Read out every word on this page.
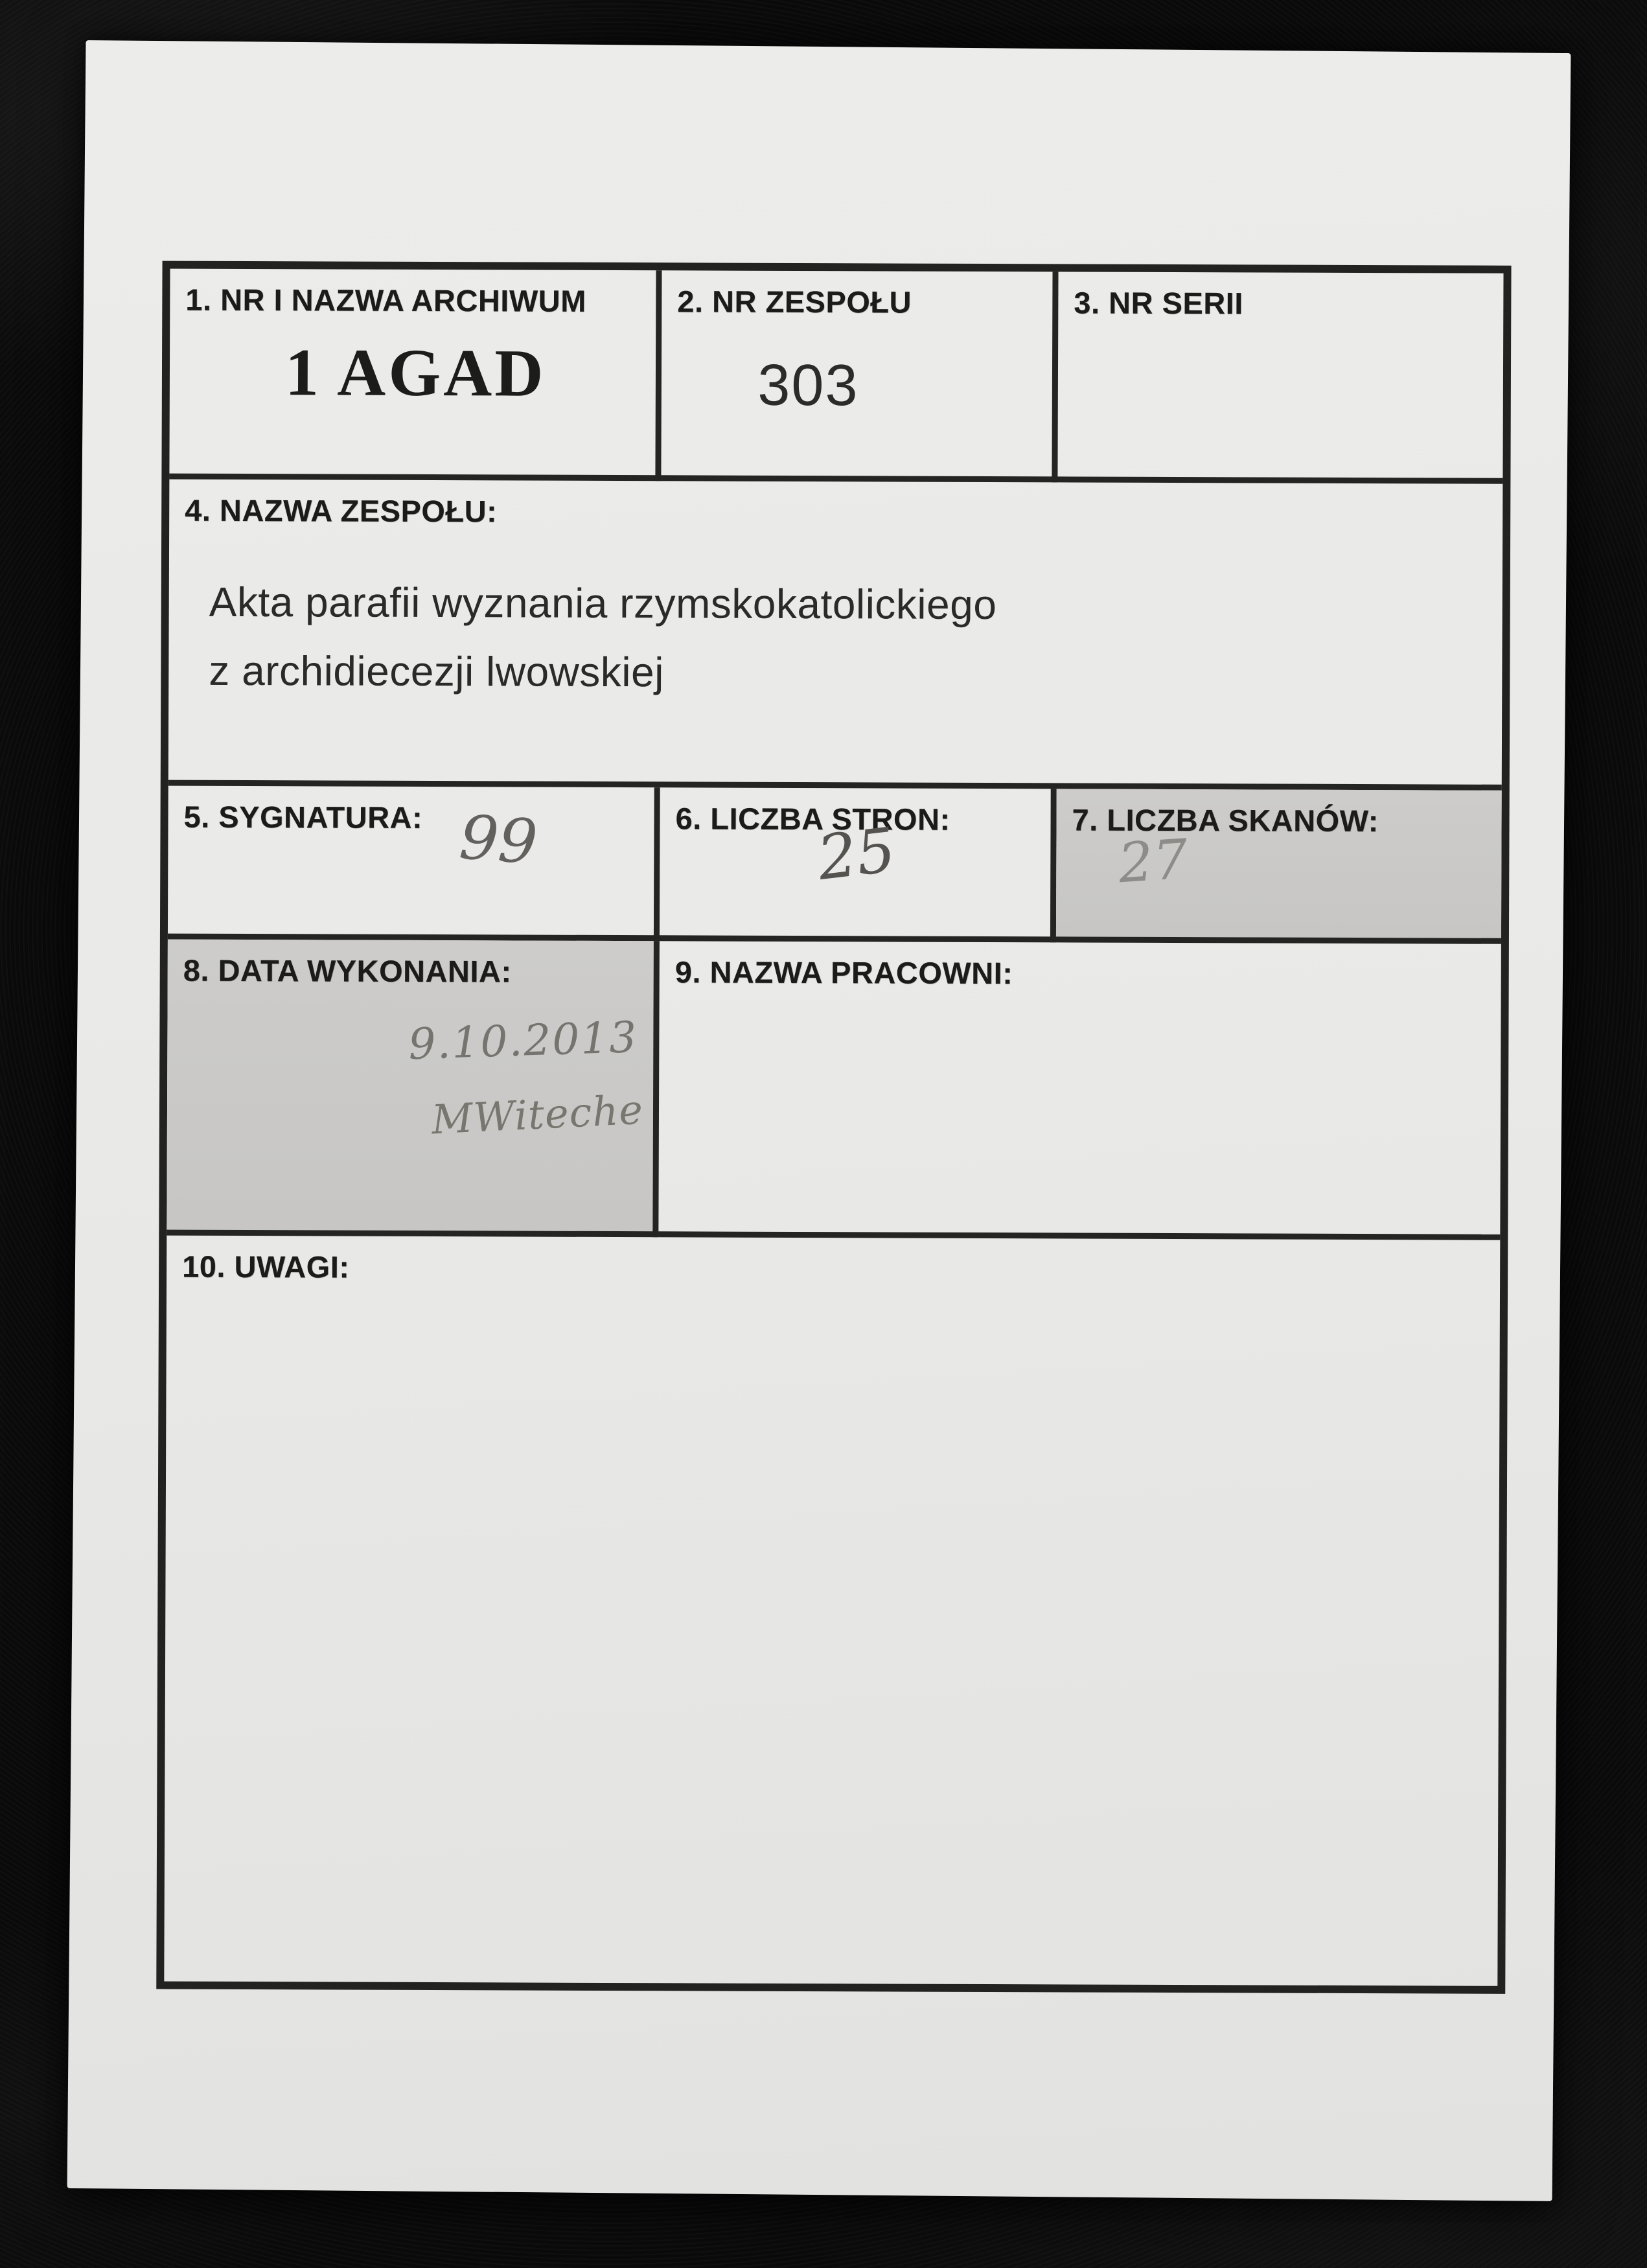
1. NR I NAZWA ARCHIWUM
1 AGAD
2. NR ZESPOŁU
303
3. NR SERII
4. NAZWA ZESPOŁU:
Akta parafii wyznania rzymskokatolickiego
z archidiecezji lwowskiej
5. SYGNATURA: 99	6. LICZBA STRON:
25	7. LICZBA SKANÓW:
27
8. DATA WYKONANIA:
9.10.2013
MWiteche
9. NAZWA PRACOWNI:
10. UWAGI:
